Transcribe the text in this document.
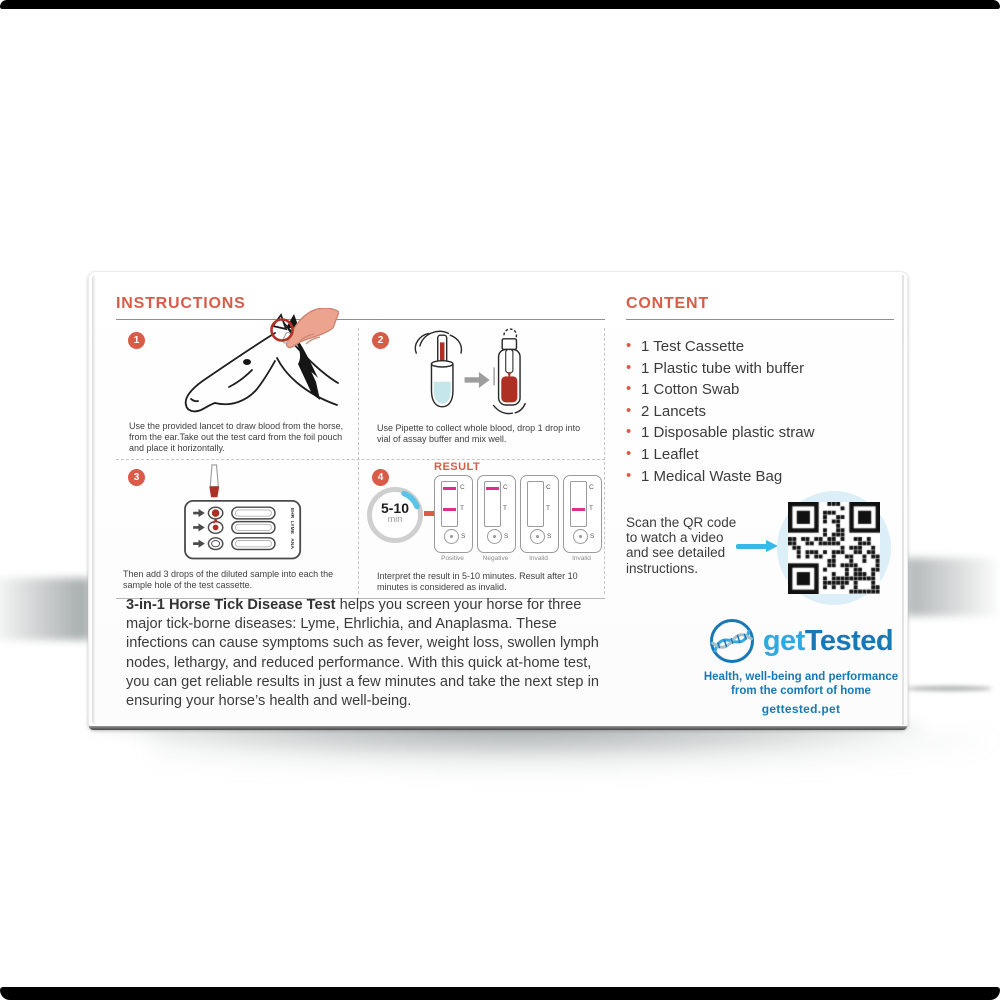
INSTRUCTIONS
1
Use the provided lancet to draw blood from the horse, from the ear.Take out the test card from the foil pouch and place it horizontally.
2
Use Pipette to collect whole blood, drop 1 drop into vial of assay buffer and mix well.
3
EHR
LYME
ANA
Then add 3 drops of the diluted sample into each the sample hole of the test cassette.
4
RESULT
5-10
min
C
T
S
C
T
S
C
T
S
C
T
S
Positive	Negative	Invalid	Invalid
Interpret the result in 5-10 minutes. Result after 10 minutes is considered as invalid.

3-in-1 Horse Tick Disease Test helps you screen your horse for three major tick-borne diseases: Lyme, Ehrlichia, and Anaplasma. These infections can cause symptoms such as fever, weight loss, swollen lymph nodes, lethargy, and reduced performance. With this quick at-home test, you can get reliable results in just a few minutes and take the next step in ensuring your horse’s health and well-being.

CONTENT
• 1 Test Cassette
• 1 Plastic tube with buffer
• 1 Cotton Swab
• 2 Lancets
• 1 Disposable plastic straw
• 1 Leaflet
• 1 Medical Waste Bag
Scan the QR code
to watch a video
and see detailed
instructions.
getTested
Health, well-being and performance
from the comfort of home
gettested.pet
